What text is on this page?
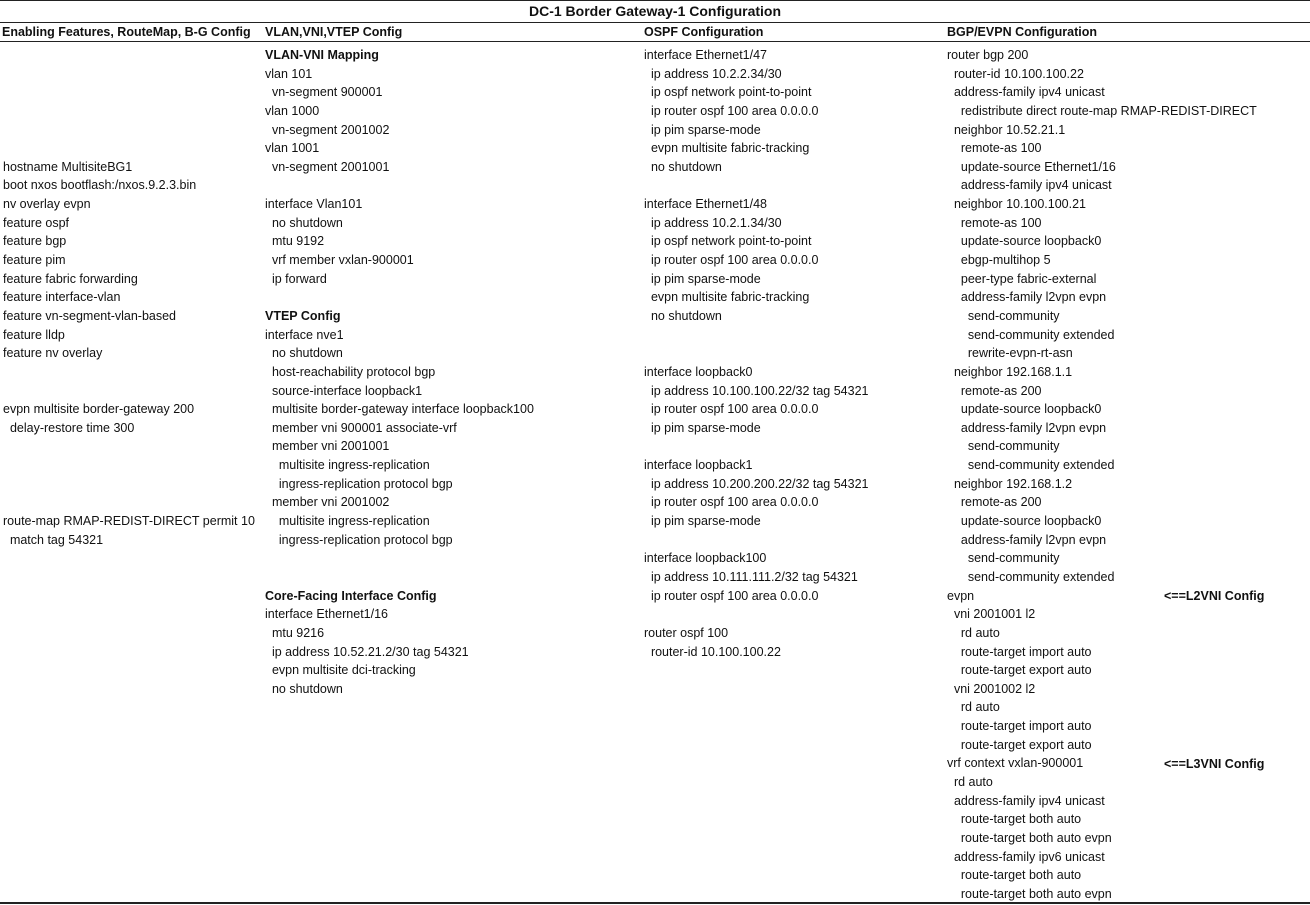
DC-1 Border Gateway-1 Configuration
Enabling Features, RouteMap, B-G Config VLAN,VNI,VTEP Config	OSPF Configuration	BGP/EVPN Configuration
hostname MultisiteBG1
boot nxos bootflash:/nxos.9.2.3.bin
nv overlay evpn
feature ospf
feature bgp
feature pim
feature fabric forwarding
feature interface-vlan
feature vn-segment-vlan-based
feature lldp
feature nv overlay
evpn multisite border-gateway 200
delay-restore time 300
route-map RMAP-REDIST-DIRECT permit 10
match tag 54321
VLAN-VNI Mapping
vlan 101
vn-segment 900001
vlan 1000
vn-segment 2001002
vlan 1001
vn-segment 2001001
interface Vlan101
no shutdown
mtu 9192
vrf member vxlan-900001
ip forward
VTEP Config
interface nve1
no shutdown
host-reachability protocol bgp
source-interface loopback1
multisite border-gateway interface loopback100
member vni 900001 associate-vrf
member vni 2001001
multisite ingress-replication
ingress-replication protocol bgp
member vni 2001002
multisite ingress-replication
ingress-replication protocol bgp
Core-Facing Interface Config
interface Ethernet1/16
mtu 9216
ip address 10.52.21.2/30 tag 54321
evpn multisite dci-tracking
no shutdown
interface Ethernet1/47
ip address 10.2.2.34/30
ip ospf network point-to-point
ip router ospf 100 area 0.0.0.0
ip pim sparse-mode
evpn multisite fabric-tracking
no shutdown
interface Ethernet1/48
ip address 10.2.1.34/30
ip ospf network point-to-point
ip router ospf 100 area 0.0.0.0
ip pim sparse-mode
evpn multisite fabric-tracking
no shutdown
interface loopback0
ip address 10.100.100.22/32 tag 54321
ip router ospf 100 area 0.0.0.0
ip pim sparse-mode
interface loopback1
ip address 10.200.200.22/32 tag 54321
ip router ospf 100 area 0.0.0.0
ip pim sparse-mode
interface loopback100
ip address 10.111.111.2/32 tag 54321
ip router ospf 100 area 0.0.0.0
router ospf 100
router-id 10.100.100.22
router bgp 200
router-id 10.100.100.22
address-family ipv4 unicast
redistribute direct route-map RMAP-REDIST-DIRECT
neighbor 10.52.21.1
remote-as 100
update-source Ethernet1/16
address-family ipv4 unicast
neighbor 10.100.100.21
remote-as 100
update-source loopback0
ebgp-multihop 5
peer-type fabric-external
address-family l2vpn evpn
send-community
send-community extended
rewrite-evpn-rt-asn
neighbor 192.168.1.1
remote-as 200
update-source loopback0
address-family l2vpn evpn
send-community
send-community extended
neighbor 192.168.1.2
remote-as 200
update-source loopback0
address-family l2vpn evpn
send-community
send-community extended
evpn
vni 2001001 l2
rd auto
route-target import auto
route-target export auto
vni 2001002 l2
rd auto
route-target import auto
route-target export auto
vrf context vxlan-900001
rd auto
address-family ipv4 unicast
route-target both auto
route-target both auto evpn
address-family ipv6 unicast
route-target both auto
route-target both auto evpn
<==L2VNI Config
<==L3VNI Config
